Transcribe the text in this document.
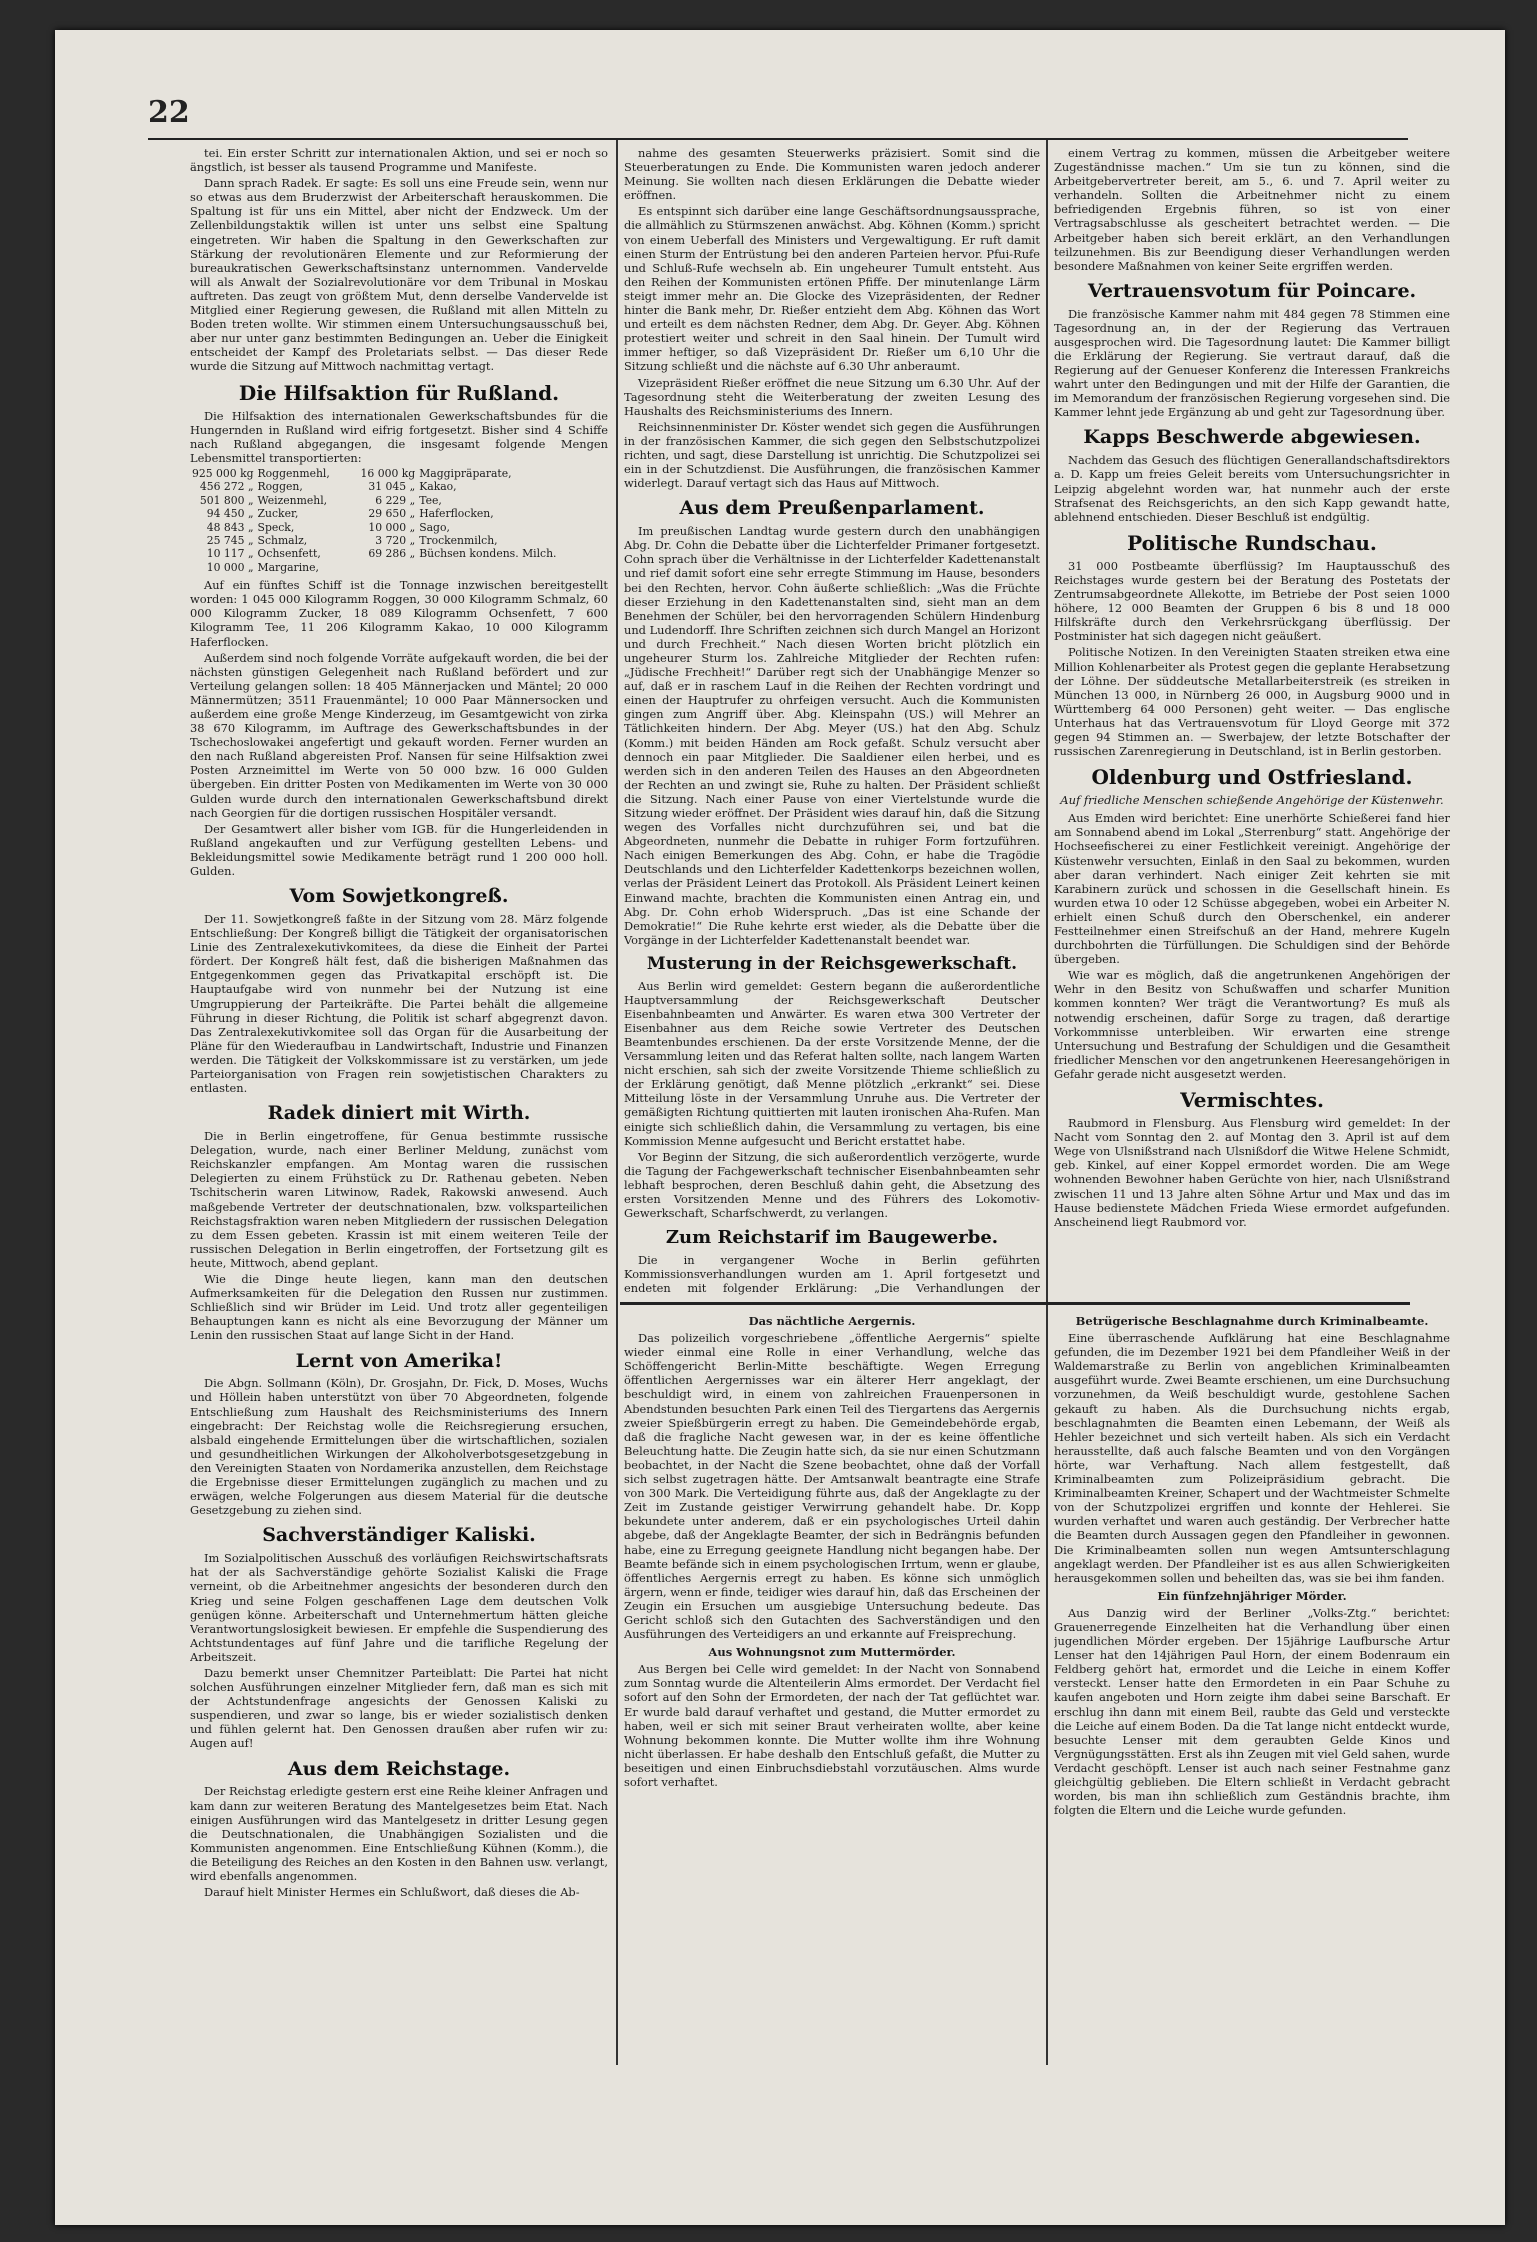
22

tei. Ein erster Schritt zur internationalen Aktion, und sei er noch so ängstlich, ist besser als tausend Programme und Manifeste.

Dann sprach Radek. Er sagte: Es soll uns eine Freude sein, wenn nur so etwas aus dem Bruderzwist der Arbeiterschaft herauskommen. Die Spaltung ist für uns ein Mittel, aber nicht der Endzweck. Um der Zellenbildungstaktik willen ist unter uns selbst eine Spaltung eingetreten. Wir haben die Spaltung in den Gewerkschaften zur Stärkung der revolutionären Elemente und zur Reformierung der bureaukratischen Gewerkschaftsinstanz unternommen. Vandervelde will als Anwalt der Sozialrevolutionäre vor dem Tribunal in Moskau auftreten. Das zeugt von größtem Mut, denn derselbe Vandervelde ist Mitglied einer Regierung gewesen, die Rußland mit allen Mitteln zu Boden treten wollte. Wir stimmen einem Untersuchungsausschuß bei, aber nur unter ganz bestimmten Bedingungen an. Ueber die Einigkeit entscheidet der Kampf des Proletariats selbst. — Das dieser Rede wurde die Sitzung auf Mittwoch nachmittag vertagt.

Die Hilfsaktion für Rußland.

Die Hilfsaktion des internationalen Gewerkschaftsbundes für die Hungernden in Rußland wird eifrig fortgesetzt. Bisher sind 4 Schiffe nach Rußland abgegangen, die insgesamt folgende Mengen Lebensmittel transportierten:

925 000 kg	Roggenmehl,	16 000 kg	Maggipräparate,
456 272 „	Roggen,	31 045 „	Kakao,
501 800 „	Weizenmehl,	6 229 „	Tee,
94 450 „	Zucker,	29 650 „	Haferflocken,
48 843 „	Speck,	10 000 „	Sago,
25 745 „	Schmalz,	3 720 „	Trockenmilch,
10 117 „	Ochsenfett,	69 286 „	Büchsen kondens. Milch.
10 000 „	Margarine,		

Auf ein fünftes Schiff ist die Tonnage inzwischen bereitgestellt worden: 1 045 000 Kilogramm Roggen, 30 000 Kilogramm Schmalz, 60 000 Kilogramm Zucker, 18 089 Kilogramm Ochsenfett, 7 600 Kilogramm Tee, 11 206 Kilogramm Kakao, 10 000 Kilogramm Haferflocken.

Außerdem sind noch folgende Vorräte aufgekauft worden, die bei der nächsten günstigen Gelegenheit nach Rußland befördert und zur Verteilung gelangen sollen: 18 405 Männerjacken und Mäntel; 20 000 Männermützen; 3511 Frauenmäntel; 10 000 Paar Männersocken und außerdem eine große Menge Kinderzeug, im Gesamtgewicht von zirka 38 670 Kilogramm, im Auftrage des Gewerkschaftsbundes in der Tschechoslowakei angefertigt und gekauft worden. Ferner wurden an den nach Rußland abgereisten Prof. Nansen für seine Hilfsaktion zwei Posten Arzneimittel im Werte von 50 000 bzw. 16 000 Gulden übergeben. Ein dritter Posten von Medikamenten im Werte von 30 000 Gulden wurde durch den internationalen Gewerkschaftsbund direkt nach Georgien für die dortigen russischen Hospitäler versandt.

Der Gesamtwert aller bisher vom IGB. für die Hungerleidenden in Rußland angekauften und zur Verfügung gestellten Lebens- und Bekleidungsmittel sowie Medikamente beträgt rund 1 200 000 holl. Gulden.

Vom Sowjetkongreß.

Der 11. Sowjetkongreß faßte in der Sitzung vom 28. März folgende Entschließung: Der Kongreß billigt die Tätigkeit der organisatorischen Linie des Zentralexekutivkomitees, da diese die Einheit der Partei fördert. Der Kongreß hält fest, daß die bisherigen Maßnahmen das Entgegenkommen gegen das Privatkapital erschöpft ist. Die Hauptaufgabe wird von nunmehr bei der Nutzung ist eine Umgruppierung der Parteikräfte. Die Partei behält die allgemeine Führung in dieser Richtung, die Politik ist scharf abgegrenzt davon. Das Zentralexekutivkomitee soll das Organ für die Ausarbeitung der Pläne für den Wiederaufbau in Landwirtschaft, Industrie und Finanzen werden. Die Tätigkeit der Volkskommissare ist zu verstärken, um jede Parteiorganisation von Fragen rein sowjetistischen Charakters zu entlasten.

Radek diniert mit Wirth.

Die in Berlin eingetroffene, für Genua bestimmte russische Delegation, wurde, nach einer Berliner Meldung, zunächst vom Reichskanzler empfangen. Am Montag waren die russischen Delegierten zu einem Frühstück zu Dr. Rathenau gebeten. Neben Tschitscherin waren Litwinow, Radek, Rakowski anwesend. Auch maßgebende Vertreter der deutschnationalen, bzw. volksparteilichen Reichstagsfraktion waren neben Mitgliedern der russischen Delegation zu dem Essen gebeten. Krassin ist mit einem weiteren Teile der russischen Delegation in Berlin eingetroffen, der Fortsetzung gilt es heute, Mittwoch, abend geplant.

Wie die Dinge heute liegen, kann man den deutschen Aufmerksamkeiten für die Delegation den Russen nur zustimmen. Schließlich sind wir Brüder im Leid. Und trotz aller gegenteiligen Behauptungen kann es nicht als eine Bevorzugung der Männer um Lenin den russischen Staat auf lange Sicht in der Hand.

Lernt von Amerika!

Die Abgn. Sollmann (Köln), Dr. Grosjahn, Dr. Fick, D. Moses, Wuchs und Höllein haben unterstützt von über 70 Abgeordneten, folgende Entschließung zum Haushalt des Reichsministeriums des Innern eingebracht: Der Reichstag wolle die Reichsregierung ersuchen, alsbald eingehende Ermittelungen über die wirtschaftlichen, sozialen und gesundheitlichen Wirkungen der Alkoholverbotsgesetzgebung in den Vereinigten Staaten von Nordamerika anzustellen, dem Reichstage die Ergebnisse dieser Ermittelungen zugänglich zu machen und zu erwägen, welche Folgerungen aus diesem Material für die deutsche Gesetzgebung zu ziehen sind.

Sachverständiger Kaliski.

Im Sozialpolitischen Ausschuß des vorläufigen Reichswirtschaftsrats hat der als Sachverständige gehörte Sozialist Kaliski die Frage verneint, ob die Arbeitnehmer angesichts der besonderen durch den Krieg und seine Folgen geschaffenen Lage dem deutschen Volk genügen könne. Arbeiterschaft und Unternehmertum hätten gleiche Verantwortungslosigkeit bewiesen. Er empfehle die Suspendierung des Achtstundentages auf fünf Jahre und die tarifliche Regelung der Arbeitszeit.

Dazu bemerkt unser Chemnitzer Parteiblatt: Die Partei hat nicht solchen Ausführungen einzelner Mitglieder fern, daß man es sich mit der Achtstundenfrage angesichts der Genossen Kaliski zu suspendieren, und zwar so lange, bis er wieder sozialistisch denken und fühlen gelernt hat. Den Genossen draußen aber rufen wir zu: Augen auf!

Aus dem Reichstage.

Der Reichstag erledigte gestern erst eine Reihe kleiner Anfragen und kam dann zur weiteren Beratung des Mantelgesetzes beim Etat. Nach einigen Ausführungen wird das Mantelgesetz in dritter Lesung gegen die Deutschnationalen, die Unabhängigen Sozialisten und die Kommunisten angenommen. Eine Entschließung Kühnen (Komm.), die die Beteiligung des Reiches an den Kosten in den Bahnen usw. verlangt, wird ebenfalls angenommen.

Darauf hielt Minister Hermes ein Schlußwort, daß dieses die Ab-

nahme des gesamten Steuerwerks präzisiert. Somit sind die Steuerberatungen zu Ende. Die Kommunisten waren jedoch anderer Meinung. Sie wollten nach diesen Erklärungen die Debatte wieder eröffnen.

Es entspinnt sich darüber eine lange Geschäftsordnungsaussprache, die allmählich zu Stürmszenen anwächst. Abg. Köhnen (Komm.) spricht von einem Ueberfall des Ministers und Vergewaltigung. Er ruft damit einen Sturm der Entrüstung bei den anderen Parteien hervor. Pfui-Rufe und Schluß-Rufe wechseln ab. Ein ungeheurer Tumult entsteht. Aus den Reihen der Kommunisten ertönen Pfiffe. Der minutenlange Lärm steigt immer mehr an. Die Glocke des Vizepräsidenten, der Redner hinter die Bank mehr, Dr. Rießer entzieht dem Abg. Köhnen das Wort und erteilt es dem nächsten Redner, dem Abg. Dr. Geyer. Abg. Köhnen protestiert weiter und schreit in den Saal hinein. Der Tumult wird immer heftiger, so daß Vizepräsident Dr. Rießer um 6,10 Uhr die Sitzung schließt und die nächste auf 6.30 Uhr anberaumt.

Vizepräsident Rießer eröffnet die neue Sitzung um 6.30 Uhr. Auf der Tagesordnung steht die Weiterberatung der zweiten Lesung des Haushalts des Reichsministeriums des Innern.

Reichsinnenminister Dr. Köster wendet sich gegen die Ausführungen in der französischen Kammer, die sich gegen den Selbstschutzpolizei richten, und sagt, diese Darstellung ist unrichtig. Die Schutzpolizei sei ein in der Schutzdienst. Die Ausführungen, die französischen Kammer widerlegt. Darauf vertagt sich das Haus auf Mittwoch.

Aus dem Preußenparlament.

Im preußischen Landtag wurde gestern durch den unabhängigen Abg. Dr. Cohn die Debatte über die Lichterfelder Primaner fortgesetzt. Cohn sprach über die Verhältnisse in der Lichterfelder Kadettenanstalt und rief damit sofort eine sehr erregte Stimmung im Hause, besonders bei den Rechten, hervor. Cohn äußerte schließlich: „Was die Früchte dieser Erziehung in den Kadettenanstalten sind, sieht man an dem Benehmen der Schüler, bei den hervorragenden Schülern Hindenburg und Ludendorff. Ihre Schriften zeichnen sich durch Mangel an Horizont und durch Frechheit.“ Nach diesen Worten bricht plötzlich ein ungeheurer Sturm los. Zahlreiche Mitglieder der Rechten rufen: „Jüdische Frechheit!“ Darüber regt sich der Unabhängige Menzer so auf, daß er in raschem Lauf in die Reihen der Rechten vordringt und einen der Hauptrufer zu ohrfeigen versucht. Auch die Kommunisten gingen zum Angriff über. Abg. Kleinspahn (US.) will Mehrer an Tätlichkeiten hindern. Der Abg. Meyer (US.) hat den Abg. Schulz (Komm.) mit beiden Händen am Rock gefaßt. Schulz versucht aber dennoch ein paar Mitglieder. Die Saaldiener eilen herbei, und es werden sich in den anderen Teilen des Hauses an den Abgeordneten der Rechten an und zwingt sie, Ruhe zu halten. Der Präsident schließt die Sitzung. Nach einer Pause von einer Viertelstunde wurde die Sitzung wieder eröffnet. Der Präsident wies darauf hin, daß die Sitzung wegen des Vorfalles nicht durchzuführen sei, und bat die Abgeordneten, nunmehr die Debatte in ruhiger Form fortzuführen. Nach einigen Bemerkungen des Abg. Cohn, er habe die Tragödie Deutschlands und den Lichterfelder Kadettenkorps bezeichnen wollen, verlas der Präsident Leinert das Protokoll. Als Präsident Leinert keinen Einwand machte, brachten die Kommunisten einen Antrag ein, und Abg. Dr. Cohn erhob Widerspruch. „Das ist eine Schande der Demokratie!“ Die Ruhe kehrte erst wieder, als die Debatte über die Vorgänge in der Lichterfelder Kadettenanstalt beendet war.

Musterung in der Reichsgewerkschaft.

Aus Berlin wird gemeldet: Gestern begann die außerordentliche Hauptversammlung der Reichsgewerkschaft Deutscher Eisenbahnbeamten und Anwärter. Es waren etwa 300 Vertreter der Eisenbahner aus dem Reiche sowie Vertreter des Deutschen Beamtenbundes erschienen. Da der erste Vorsitzende Menne, der die Versammlung leiten und das Referat halten sollte, nach langem Warten nicht erschien, sah sich der zweite Vorsitzende Thieme schließlich zu der Erklärung genötigt, daß Menne plötzlich „erkrankt“ sei. Diese Mitteilung löste in der Versammlung Unruhe aus. Die Vertreter der gemäßigten Richtung quittierten mit lauten ironischen Aha-Rufen. Man einigte sich schließlich dahin, die Versammlung zu vertagen, bis eine Kommission Menne aufgesucht und Bericht erstattet habe.

Vor Beginn der Sitzung, die sich außerordentlich verzögerte, wurde die Tagung der Fachgewerkschaft technischer Eisenbahnbeamten sehr lebhaft besprochen, deren Beschluß dahin geht, die Absetzung des ersten Vorsitzenden Menne und des Führers des Lokomotiv-Gewerkschaft, Scharfschwerdt, zu verlangen.

Zum Reichstarif im Baugewerbe.

Die in vergangener Woche in Berlin geführten Kommissionsverhandlungen wurden am 1. April fortgesetzt und endeten mit folgender Erklärung: „Die Verhandlungen der

Das nächtliche Aergernis.

Das polizeilich vorgeschriebene „öffentliche Aergernis“ spielte wieder einmal eine Rolle in einer Verhandlung, welche das Schöffengericht Berlin-Mitte beschäftigte. Wegen Erregung öffentlichen Aergernisses war ein älterer Herr angeklagt, der beschuldigt wird, in einem von zahlreichen Frauenpersonen in Abendstunden besuchten Park einen Teil des Tiergartens das Aergernis zweier Spießbürgerin erregt zu haben. Die Gemeindebehörde ergab, daß die fragliche Nacht gewesen war, in der es keine öffentliche Beleuchtung hatte. Die Zeugin hatte sich, da sie nur einen Schutzmann beobachtet, in der Nacht die Szene beobachtet, ohne daß der Vorfall sich selbst zugetragen hätte. Der Amtsanwalt beantragte eine Strafe von 300 Mark. Die Verteidigung führte aus, daß der Angeklagte zu der Zeit im Zustande geistiger Verwirrung gehandelt habe. Dr. Kopp bekundete unter anderem, daß er ein psychologisches Urteil dahin abgebe, daß der Angeklagte Beamter, der sich in Bedrängnis befunden habe, eine zu Erregung geeignete Handlung nicht begangen habe. Der Beamte befände sich in einem psychologischen Irrtum, wenn er glaube, öffentliches Aergernis erregt zu haben. Es könne sich unmöglich ärgern, wenn er finde, teidiger wies darauf hin, daß das Erscheinen der Zeugin ein Ersuchen um ausgiebige Untersuchung bedeute. Das Gericht schloß sich den Gutachten des Sachverständigen und den Ausführungen des Verteidigers an und erkannte auf Freisprechung.

Aus Wohnungsnot zum Muttermörder.

Aus Bergen bei Celle wird gemeldet: In der Nacht von Sonnabend zum Sonntag wurde die Altenteilerin Alms ermordet. Der Verdacht fiel sofort auf den Sohn der Ermordeten, der nach der Tat geflüchtet war. Er wurde bald darauf verhaftet und gestand, die Mutter ermordet zu haben, weil er sich mit seiner Braut verheiraten wollte, aber keine Wohnung bekommen konnte. Die Mutter wollte ihm ihre Wohnung nicht überlassen. Er habe deshalb den Entschluß gefaßt, die Mutter zu beseitigen und einen Einbruchsdiebstahl vorzutäuschen. Alms wurde sofort verhaftet.

einem Vertrag zu kommen, müssen die Arbeitgeber weitere Zugeständnisse machen.“ Um sie tun zu können, sind die Arbeitgebervertreter bereit, am 5., 6. und 7. April weiter zu verhandeln. Sollten die Arbeitnehmer nicht zu einem befriedigenden Ergebnis führen, so ist von einer Vertragsabschlusse als gescheitert betrachtet werden. — Die Arbeitgeber haben sich bereit erklärt, an den Verhandlungen teilzunehmen. Bis zur Beendigung dieser Verhandlungen werden besondere Maßnahmen von keiner Seite ergriffen werden.

Vertrauensvotum für Poincare.

Die französische Kammer nahm mit 484 gegen 78 Stimmen eine Tagesordnung an, in der der Regierung das Vertrauen ausgesprochen wird. Die Tagesordnung lautet: Die Kammer billigt die Erklärung der Regierung. Sie vertraut darauf, daß die Regierung auf der Genueser Konferenz die Interessen Frankreichs wahrt unter den Bedingungen und mit der Hilfe der Garantien, die im Memorandum der französischen Regierung vorgesehen sind. Die Kammer lehnt jede Ergänzung ab und geht zur Tagesordnung über.

Kapps Beschwerde abgewiesen.

Nachdem das Gesuch des flüchtigen Generallandschaftsdirektors a. D. Kapp um freies Geleit bereits vom Untersuchungsrichter in Leipzig abgelehnt worden war, hat nunmehr auch der erste Strafsenat des Reichsgerichts, an den sich Kapp gewandt hatte, ablehnend entschieden. Dieser Beschluß ist endgültig.

Politische Rundschau.

31 000 Postbeamte überflüssig? Im Hauptausschuß des Reichstages wurde gestern bei der Beratung des Postetats der Zentrumsabgeordnete Allekotte, im Betriebe der Post seien 1000 höhere, 12 000 Beamten der Gruppen 6 bis 8 und 18 000 Hilfskräfte durch den Verkehrsrückgang überflüssig. Der Postminister hat sich dagegen nicht geäußert.

Politische Notizen. In den Vereinigten Staaten streiken etwa eine Million Kohlenarbeiter als Protest gegen die geplante Herabsetzung der Löhne. Der süddeutsche Metallarbeiterstreik (es streiken in München 13 000, in Nürnberg 26 000, in Augsburg 9000 und in Württemberg 64 000 Personen) geht weiter. — Das englische Unterhaus hat das Vertrauensvotum für Lloyd George mit 372 gegen 94 Stimmen an. — Swerbajew, der letzte Botschafter der russischen Zarenregierung in Deutschland, ist in Berlin gestorben.

Oldenburg und Ostfriesland.
Auf friedliche Menschen schießende Angehörige der Küstenwehr.

Aus Emden wird berichtet: Eine unerhörte Schießerei fand hier am Sonnabend abend im Lokal „Sterrenburg“ statt. Angehörige der Hochseefischerei zu einer Festlichkeit vereinigt. Angehörige der Küstenwehr versuchten, Einlaß in den Saal zu bekommen, wurden aber daran verhindert. Nach einiger Zeit kehrten sie mit Karabinern zurück und schossen in die Gesellschaft hinein. Es wurden etwa 10 oder 12 Schüsse abgegeben, wobei ein Arbeiter N. erhielt einen Schuß durch den Oberschenkel, ein anderer Festteilnehmer einen Streifschuß an der Hand, mehrere Kugeln durchbohrten die Türfüllungen. Die Schuldigen sind der Behörde übergeben.

Wie war es möglich, daß die angetrunkenen Angehörigen der Wehr in den Besitz von Schußwaffen und scharfer Munition kommen konnten? Wer trägt die Verantwortung? Es muß als notwendig erscheinen, dafür Sorge zu tragen, daß derartige Vorkommnisse unterbleiben. Wir erwarten eine strenge Untersuchung und Bestrafung der Schuldigen und die Gesamtheit friedlicher Menschen vor den angetrunkenen Heeresangehörigen in Gefahr gerade nicht ausgesetzt werden.

Vermischtes.

Raubmord in Flensburg. Aus Flensburg wird gemeldet: In der Nacht vom Sonntag den 2. auf Montag den 3. April ist auf dem Wege von Ulsnißstrand nach Ulsnißdorf die Witwe Helene Schmidt, geb. Kinkel, auf einer Koppel ermordet worden. Die am Wege wohnenden Bewohner haben Gerüchte von hier, nach Ulsnißstrand zwischen 11 und 13 Jahre alten Söhne Artur und Max und das im Hause bedienstete Mädchen Frieda Wiese ermordet aufgefunden. Anscheinend liegt Raubmord vor.

Betrügerische Beschlagnahme durch Kriminalbeamte.

Eine überraschende Aufklärung hat eine Beschlagnahme gefunden, die im Dezember 1921 bei dem Pfandleiher Weiß in der Waldemarstraße zu Berlin von angeblichen Kriminalbeamten ausgeführt wurde. Zwei Beamte erschienen, um eine Durchsuchung vorzunehmen, da Weiß beschuldigt wurde, gestohlene Sachen gekauft zu haben. Als die Durchsuchung nichts ergab, beschlagnahmten die Beamten einen Lebemann, der Weiß als Hehler bezeichnet und sich verteilt haben. Als sich ein Verdacht herausstellte, daß auch falsche Beamten und von den Vorgängen hörte, war Verhaftung. Nach allem festgestellt, daß Kriminalbeamten zum Polizeipräsidium gebracht. Die Kriminalbeamten Kreiner, Schapert und der Wachtmeister Schmelte von der Schutzpolizei ergriffen und konnte der Hehlerei. Sie wurden verhaftet und waren auch geständig. Der Verbrecher hatte die Beamten durch Aussagen gegen den Pfandleiher in gewonnen. Die Kriminalbeamten sollen nun wegen Amtsunterschlagung angeklagt werden. Der Pfandleiher ist es aus allen Schwierigkeiten herausgekommen sollen und beheilten das, was sie bei ihm fanden.

Ein fünfzehnjähriger Mörder.

Aus Danzig wird der Berliner „Volks-Ztg.“ berichtet: Grauenerregende Einzelheiten hat die Verhandlung über einen jugendlichen Mörder ergeben. Der 15jährige Laufbursche Artur Lenser hat den 14jährigen Paul Horn, der einem Bodenraum ein Feldberg gehört hat, ermordet und die Leiche in einem Koffer versteckt. Lenser hatte den Ermordeten in ein Paar Schuhe zu kaufen angeboten und Horn zeigte ihm dabei seine Barschaft. Er erschlug ihn dann mit einem Beil, raubte das Geld und versteckte die Leiche auf einem Boden. Da die Tat lange nicht entdeckt wurde, besuchte Lenser mit dem geraubten Gelde Kinos und Vergnügungsstätten. Erst als ihn Zeugen mit viel Geld sahen, wurde Verdacht geschöpft. Lenser ist auch nach seiner Festnahme ganz gleichgültig geblieben. Die Eltern schließt in Verdacht gebracht worden, bis man ihn schließlich zum Geständnis brachte, ihm folgten die Eltern und die Leiche wurde gefunden.
